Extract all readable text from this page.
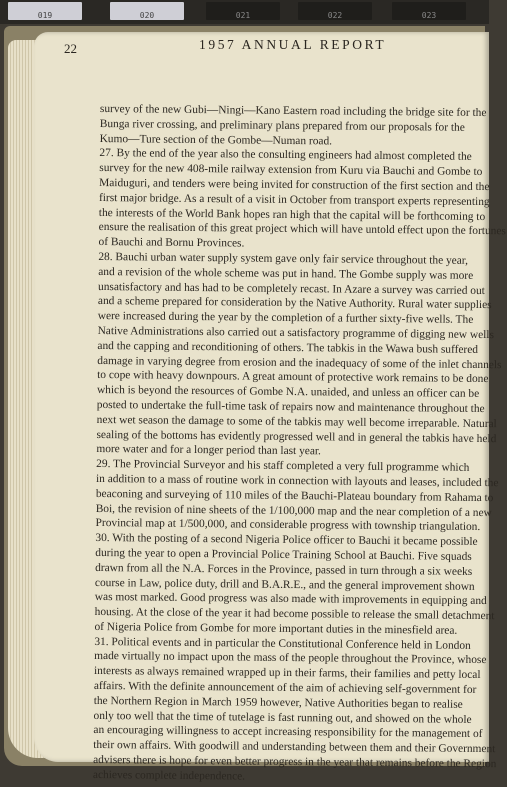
019	020	021	022	023
22	1957 ANNUAL REPORT
survey of the new Gubi—Ningi—Kano Eastern road including the bridge site for the
Bunga river crossing, and preliminary plans prepared from our proposals for the
Kumo—Ture section of the Gombe—Numan road.
27. By the end of the year also the consulting engineers had almost completed the
survey for the new 408-mile railway extension from Kuru via Bauchi and Gombe to
Maiduguri, and tenders were being invited for construction of the first section and the
first major bridge. As a result of a visit in October from transport experts representing
the interests of the World Bank hopes ran high that the capital will be forthcoming to
ensure the realisation of this great project which will have untold effect upon the fortunes
of Bauchi and Bornu Provinces.
28. Bauchi urban water supply system gave only fair service throughout the year,
and a revision of the whole scheme was put in hand. The Gombe supply was more
unsatisfactory and has had to be completely recast. In Azare a survey was carried out
and a scheme prepared for consideration by the Native Authority. Rural water supplies
were increased during the year by the completion of a further sixty-five wells. The
Native Administrations also carried out a satisfactory programme of digging new wells
and the capping and reconditioning of others. The tabkis in the Wawa bush suffered
damage in varying degree from erosion and the inadequacy of some of the inlet channels
to cope with heavy downpours. A great amount of protective work remains to be done
which is beyond the resources of Gombe N.A. unaided, and unless an officer can be
posted to undertake the full-time task of repairs now and maintenance throughout the
next wet season the damage to some of the tabkis may well become irreparable. Natural
sealing of the bottoms has evidently progressed well and in general the tabkis have held
more water and for a longer period than last year.
29. The Provincial Surveyor and his staff completed a very full programme which
in addition to a mass of routine work in connection with layouts and leases, included the
beaconing and surveying of 110 miles of the Bauchi-Plateau boundary from Rahama to
Boi, the revision of nine sheets of the 1/100,000 map and the near completion of a new
Provincial map at 1/500,000, and considerable progress with township triangulation.
30. With the posting of a second Nigeria Police officer to Bauchi it became possible
during the year to open a Provincial Police Training School at Bauchi. Five squads
drawn from all the N.A. Forces in the Province, passed in turn through a six weeks
course in Law, police duty, drill and B.A.R.E., and the general improvement shown
was most marked. Good progress was also made with improvements in equipping and
housing. At the close of the year it had become possible to release the small detachment
of Nigeria Police from Gombe for more important duties in the minesfield area.
31. Political events and in particular the Constitutional Conference held in London
made virtually no impact upon the mass of the people throughout the Province, whose
interests as always remained wrapped up in their farms, their families and petty local
affairs. With the definite announcement of the aim of achieving self-government for
the Northern Region in March 1959 however, Native Authorities began to realise
only too well that the time of tutelage is fast running out, and showed on the whole
an encouraging willingness to accept increasing responsibility for the management of
their own affairs. With goodwill and understanding between them and their Government
advisers there is hope for even better progress in the year that remains before the Region
achieves complete independence.
